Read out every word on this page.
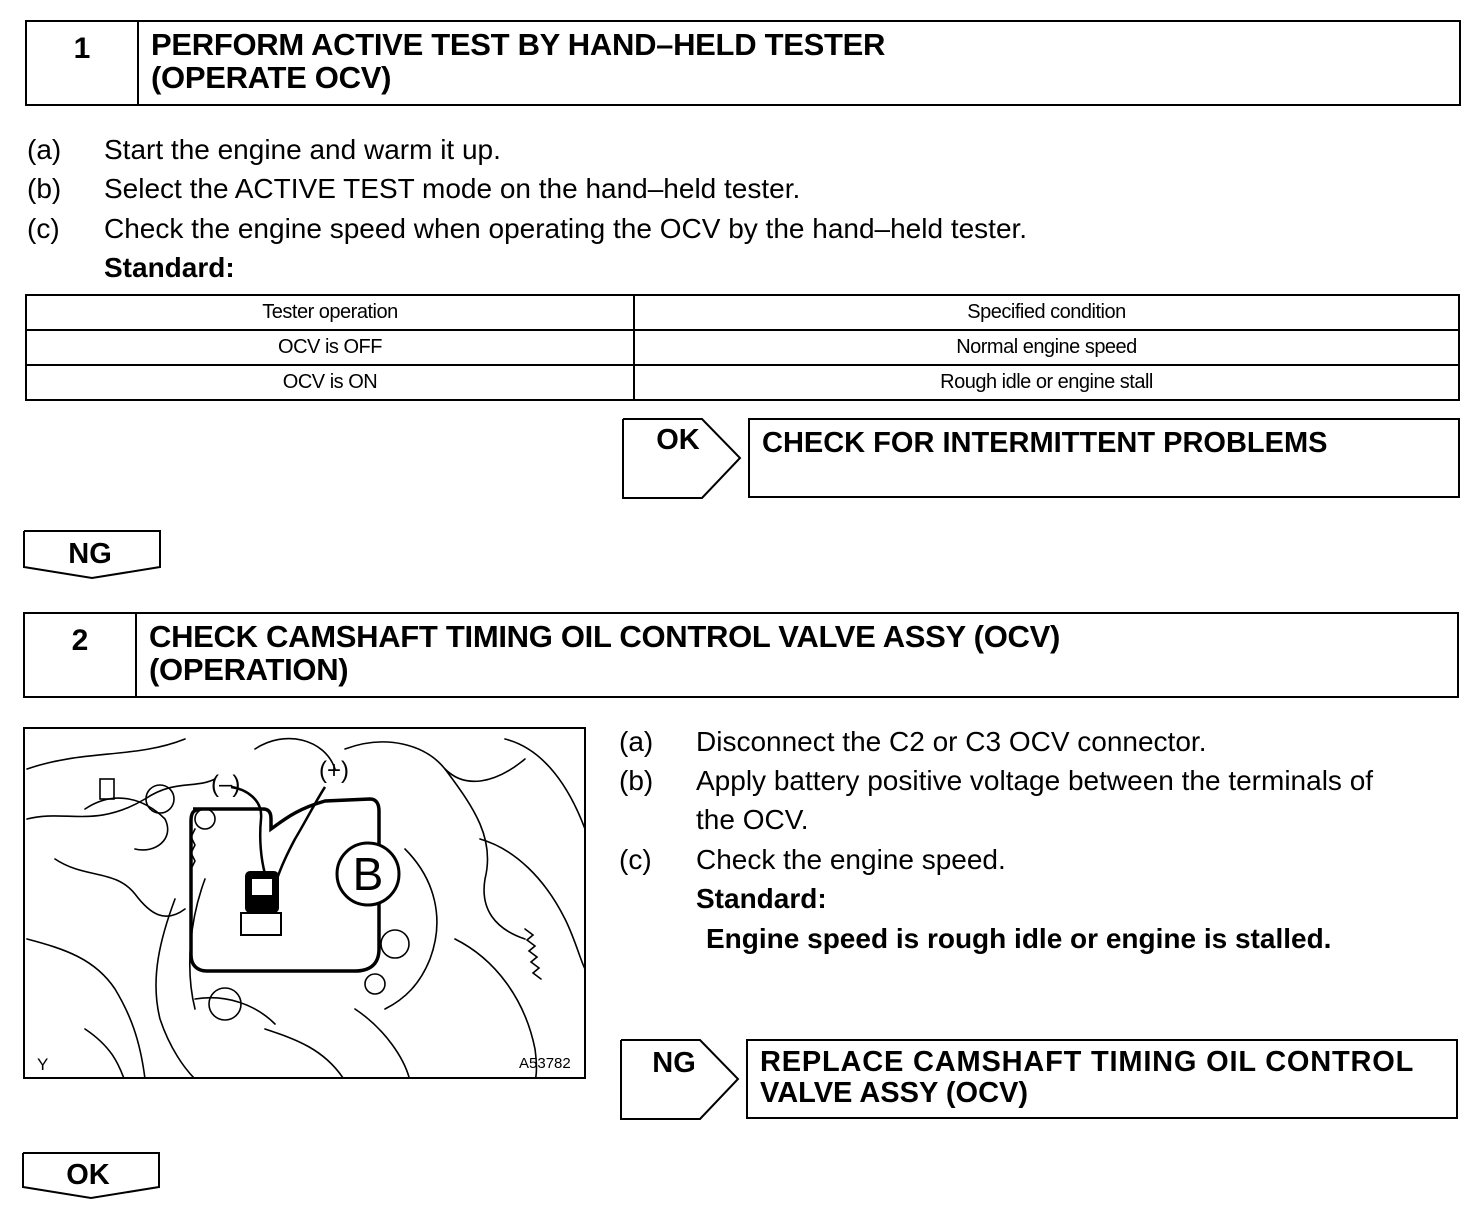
1	PERFORM ACTIVE TEST BY HAND–HELD TESTER
(OPERATE OCV)
(a) Start the engine and warm it up.
(b) Select the ACTIVE TEST mode on the hand–held tester.
(c) Check the engine speed when operating the OCV by the hand–held tester.
Standard:
Tester operation	Specified condition
OCV is OFF	Normal engine speed
OCV is ON	Rough idle or engine stall
OK	CHECK FOR INTERMITTENT PROBLEMS
NG
2	CHECK CAMSHAFT TIMING OIL CONTROL VALVE ASSY (OCV)
(OPERATION)
(–)
(+)
B
Y	A53782
(a) Disconnect the C2 or C3 OCV connector.
(b) Apply battery positive voltage between the terminals of
the OCV.
(c) Check the engine speed.
Standard:
Engine speed is rough idle or engine is stalled.
NG	REPLACE CAMSHAFT TIMING OIL CONTROL
VALVE ASSY (OCV)
OK
